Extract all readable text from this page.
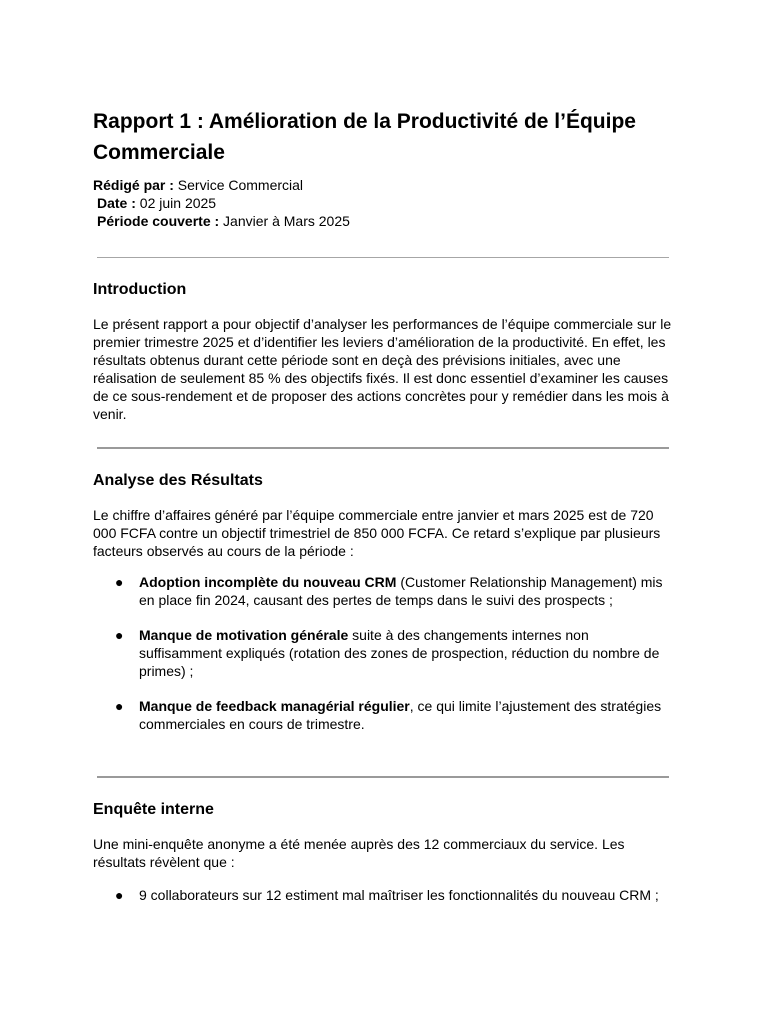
Rapport 1 : Amélioration de la Productivité de l’Équipe Commerciale
Rédigé par : Service Commercial
Date : 02 juin 2025
Période couverte : Janvier à Mars 2025
Introduction

Le présent rapport a pour objectif d’analyser les performances de l’équipe commerciale sur le premier trimestre 2025 et d’identifier les leviers d’amélioration de la productivité. En effet, les résultats obtenus durant cette période sont en deçà des prévisions initiales, avec une réalisation de seulement 85 % des objectifs fixés. Il est donc essentiel d’examiner les causes de ce sous-rendement et de proposer des actions concrètes pour y remédier dans les mois à venir.

Analyse des Résultats

Le chiffre d’affaires généré par l’équipe commerciale entre janvier et mars 2025 est de 720 000 FCFA contre un objectif trimestriel de 850 000 FCFA. Ce retard s’explique par plusieurs facteurs observés au cours de la période :

● Adoption incomplète du nouveau CRM (Customer Relationship Management) mis en place fin 2024, causant des pertes de temps dans le suivi des prospects ;
● Manque de motivation générale suite à des changements internes non suffisamment expliqués (rotation des zones de prospection, réduction du nombre de primes) ;
● Manque de feedback managérial régulier, ce qui limite l’ajustement des stratégies commerciales en cours de trimestre.
Enquête interne

Une mini-enquête anonyme a été menée auprès des 12 commerciaux du service. Les résultats révèlent que :

● 9 collaborateurs sur 12 estiment mal maîtriser les fonctionnalités du nouveau CRM ;
